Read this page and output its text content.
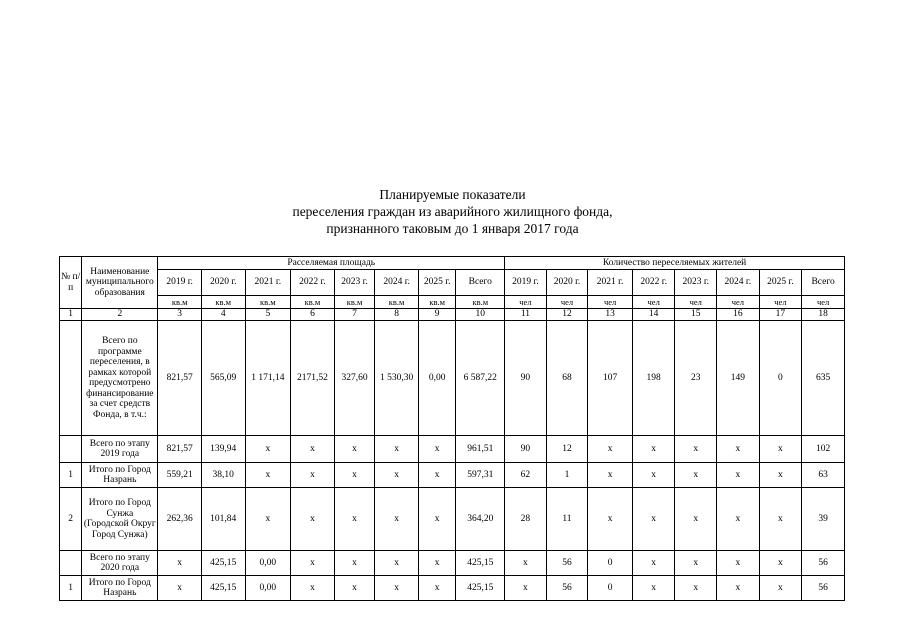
Планируемые показатели
переселения граждан из аварийного жилищного фонда,
признанного таковым до 1 января 2017 года
№ п/п	Наименование муниципального образования	Расселяемая площадь								Количество переселяемых жителей							
		2019 г.	2020 г.	2021 г.	2022 г.	2023 г.	2024 г.	2025 г.	Всего	2019 г.	2020 г.	2021 г.	2022 г.	2023 г.	2024 г.	2025 г.	Всего
		кв.м	кв.м	кв.м	кв.м	кв.м	кв.м	кв.м	кв.м	чел	чел	чел	чел	чел	чел	чел	чел
1	2	3	4	5	6	7	8	9	10	11	12	13	14	15	16	17	18
	Всего по программе переселения, в рамках которой предусмотрено финансирование за счет средств Фонда, в т.ч.:	821,57	565,09	1 171,14	2171,52	327,60	1 530,30	0,00	6 587,22	90	68	107	198	23	149	0	635
	Всего по этапу 2019 года	821,57	139,94	x	x	x	x	x	961,51	90	12	x	x	x	x	x	102
1	Итого по Город Назрань	559,21	38,10	x	x	x	x	x	597,31	62	1	x	x	x	x	x	63
2	Итого по Город Сунжа (Городской Округ Город Сунжа)	262,36	101,84	x	x	x	x	x	364,20	28	11	x	x	x	x	x	39
	Всего по этапу 2020 года	x	425,15	0,00	x	x	x	x	425,15	x	56	0	x	x	x	x	56
1	Итого по Город Назрань	x	425,15	0,00	x	x	x	x	425,15	x	56	0	x	x	x	x	56
